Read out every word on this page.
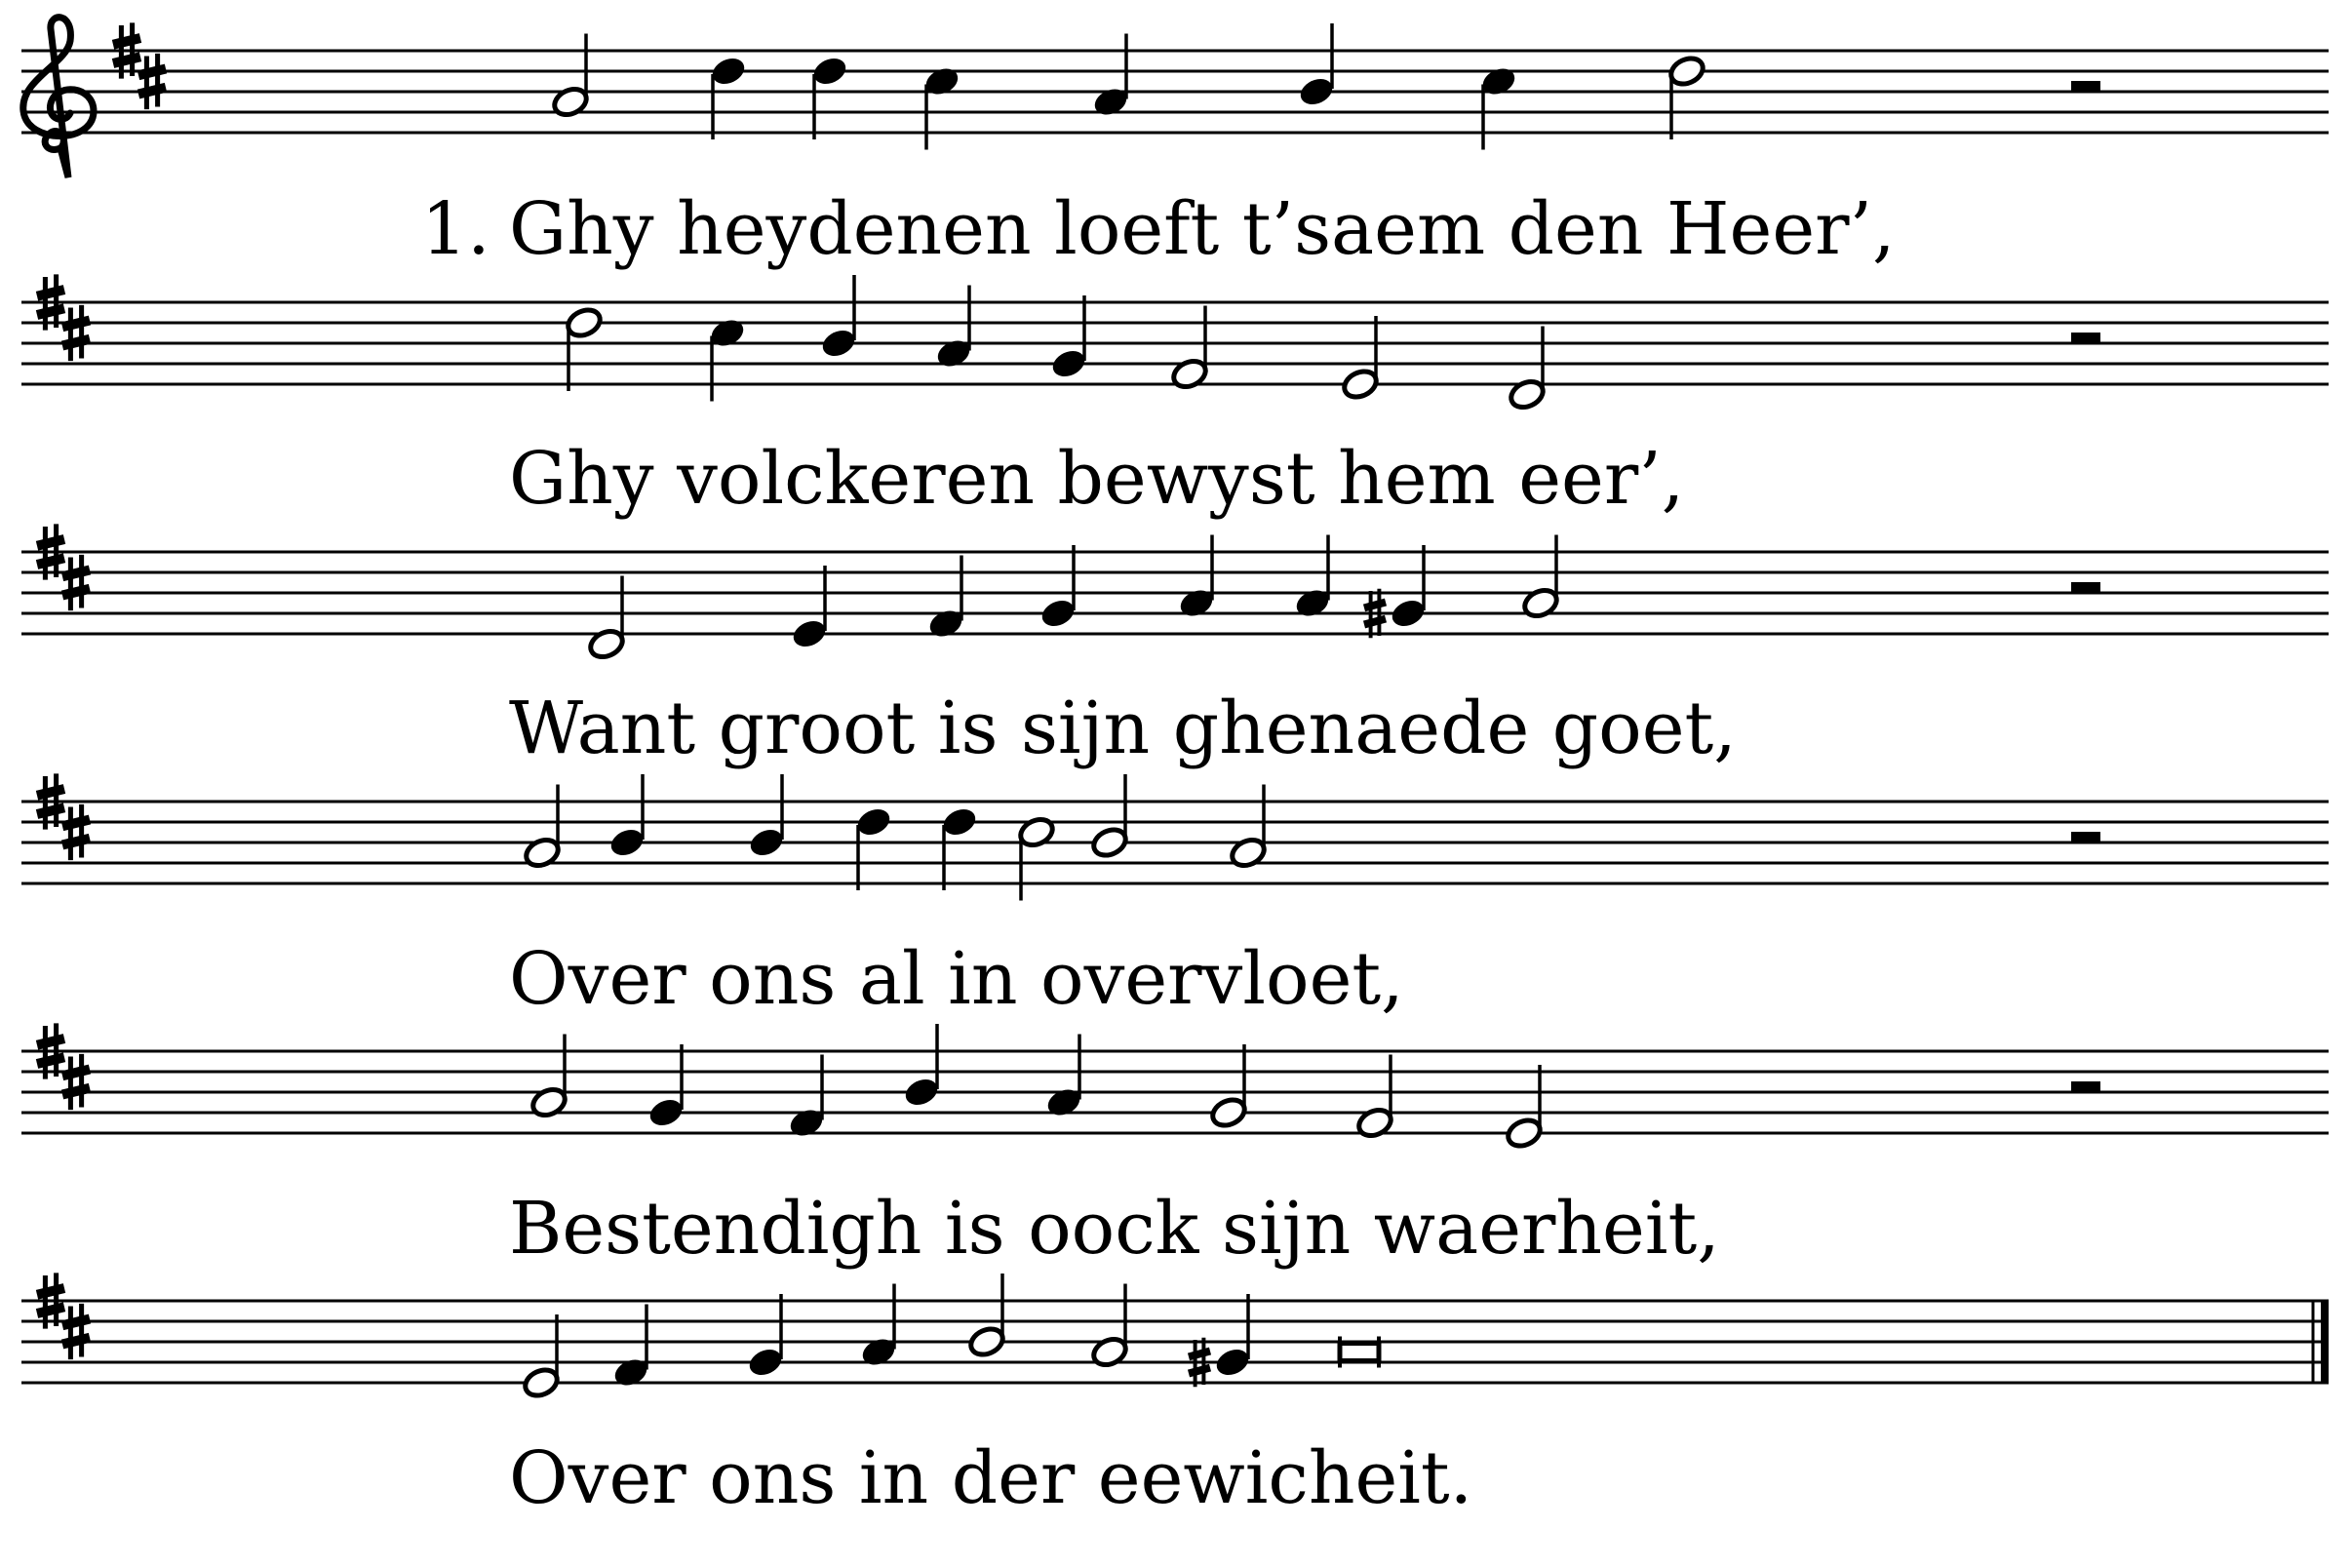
1. Ghy heydenen loeft t’saem den Heer’,
Ghy volckeren bewyst hem eer’,
Want groot is sijn ghenaede goet,
Over ons al in overvloet,
Bestendigh is oock sijn waerheit,
Over ons in der eewicheit.
